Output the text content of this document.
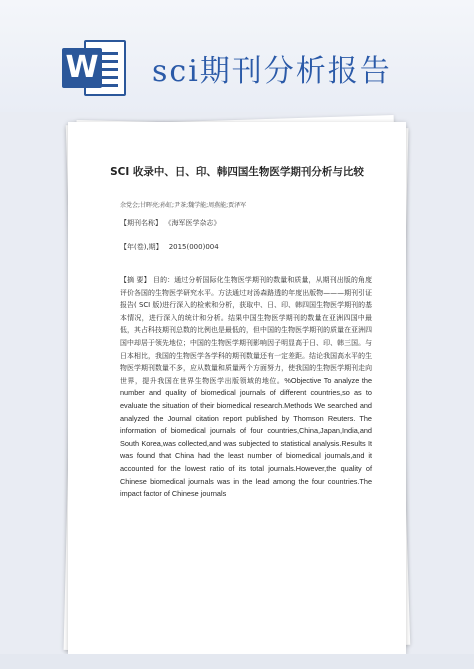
W sci期刊分析报告
SCI 收录中、日、印、韩四国生物医学期刊分析与比较
余党会;甘晖亮;孙虹;尹茶;魏学能;周燕能;贾泽军
【期刊名称】 《海军医学杂志》
【年(卷),期】 2015(000)004
【摘 要】 目的：通过分析国际化生物医学期刊的数量和质量，从期刊出版的角度评价各国的生物医学研究水平。方法通过对汤森路透的年度出版物———期刊引证报告( SCI 版)进行深入的检索和分析，获取中、日、印、韩四国生物医学期刊的基本情况，进行深入的统计和分析。结果中国生物医学期刊的数量在亚洲四国中最低，其占科技期刊总数的比例也是最低的，但中国的生物医学期刊的质量在亚洲四国中却居于领先地位；中国的生物医学期刊影响因子明显高于日、印、韩三国。与日本相比，我国的生物医学各学科的期刊数量还有一定差距。结论我国高水平的生物医学期刊数量不多，应从数量和质量两个方面努力，使我国的生物医学期刊走向世界，提升我国在世界生物医学出版领域的地位。%Objective To analyze the number and quality of biomedical journals of different countries,so as to evaluate the situation of their biomedical research.Methods We searched and analyzed the Journal citation report published by Thomson Reuters. The information of biomedical journals of four countries,China,Japan,India,and South Korea,was collected,and was subjected to statistical analysis.Results It was found that China had the least number of biomedical journals,and it accounted for the lowest ratio of its total journals.However,the quality of Chinese biomedical journals was in the lead among the four countries.The impact factor of Chinese journals
